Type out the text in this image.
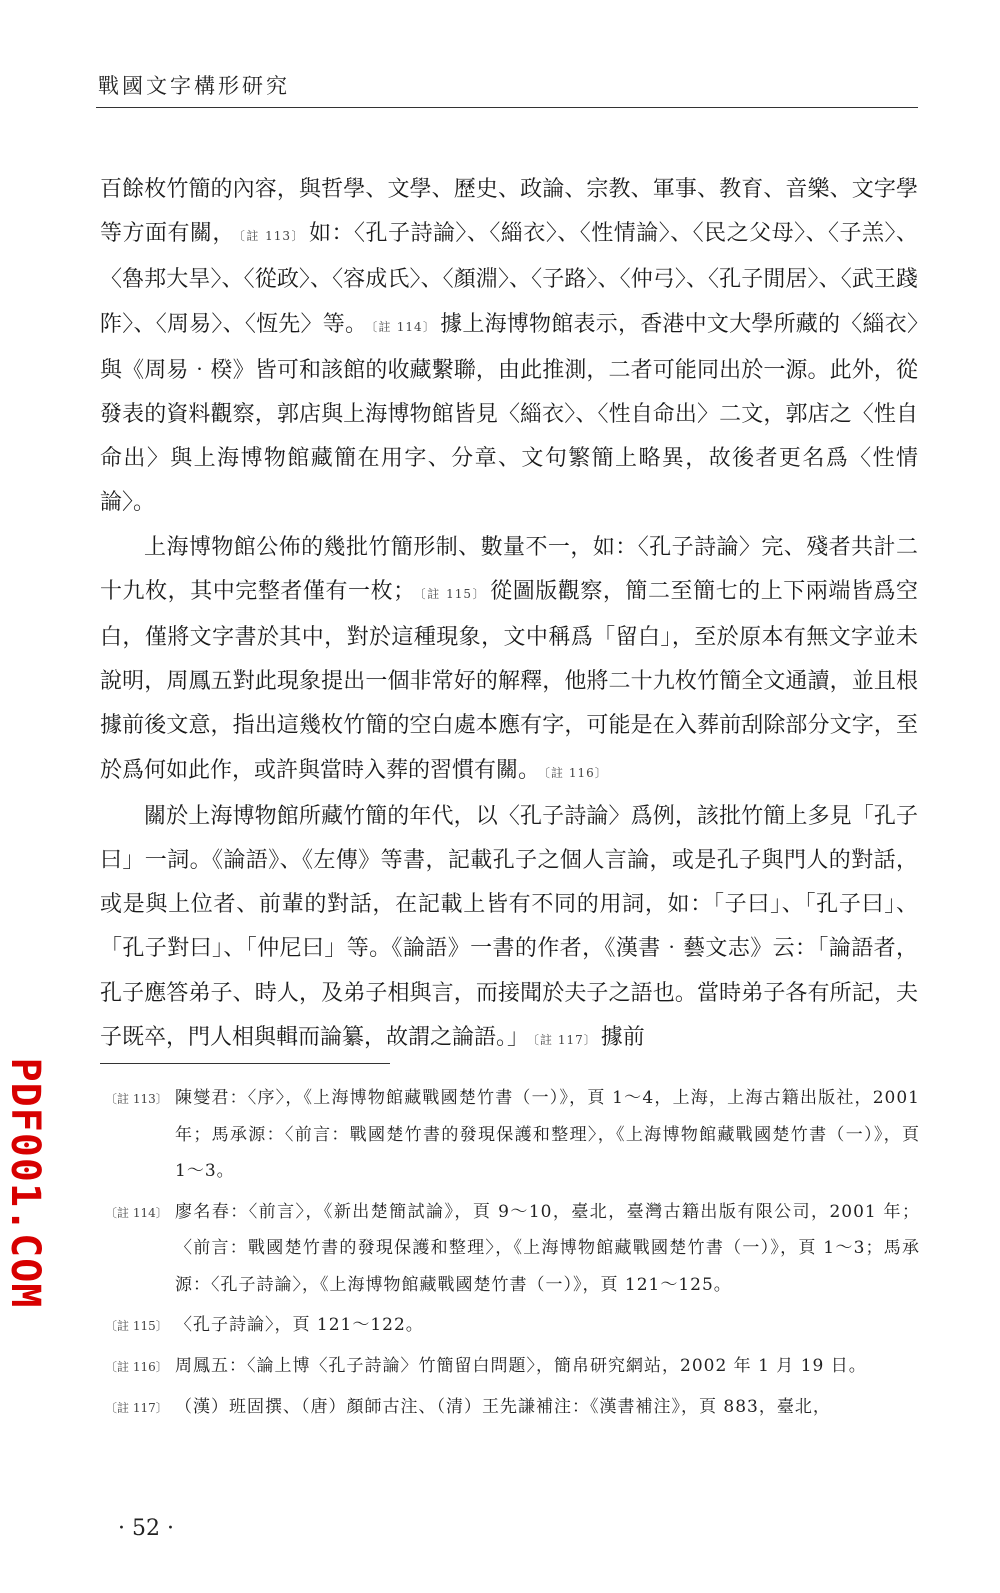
戰國文字構形研究

百餘枚竹簡的內容，與哲學、文學、歷史、政論、宗教、軍事、教育、音樂、文字學等方面有關， 〔註 113〕 如：〈孔子詩論〉、〈緇衣〉、〈性情論〉、〈民之父母〉、〈子羔〉、〈魯邦大旱〉、〈從政〉、〈容成氏〉、〈顏淵〉、〈子路〉、〈仲弓〉、〈孔子閒居〉、〈武王踐阼〉、〈周易〉、〈恆先〉等。 〔註 114〕 據上海博物館表示，香港中文大學所藏的〈緇衣〉與《周易‧楑》皆可和該館的收藏繫聯，由此推測，二者可能同出於一源。此外，從發表的資料觀察，郭店與上海博物館皆見〈緇衣〉、〈性自命出〉二文，郭店之〈性自命出〉與上海博物館藏簡在用字、分章、文句繁簡上略異，故後者更名爲〈性情論〉。

上海博物館公佈的幾批竹簡形制、數量不一，如：〈孔子詩論〉完、殘者共計二十九枚，其中完整者僅有一枚； 〔註 115〕 從圖版觀察，簡二至簡七的上下兩端皆爲空白，僅將文字書於其中，對於這種現象，文中稱爲「留白」，至於原本有無文字並未說明，周鳳五對此現象提出一個非常好的解釋，他將二十九枚竹簡全文通讀，並且根據前後文意，指出這幾枚竹簡的空白處本應有字，可能是在入葬前刮除部分文字，至於爲何如此作，或許與當時入葬的習慣有關。 〔註 116〕

關於上海博物館所藏竹簡的年代，以〈孔子詩論〉爲例，該批竹簡上多見「孔子曰」一詞。《論語》、《左傳》等書，記載孔子之個人言論，或是孔子與門人的對話，或是與上位者、前輩的對話，在記載上皆有不同的用詞，如：「子曰」、「孔子曰」、「孔子對曰」、「仲尼曰」等。《論語》一書的作者，《漢書‧藝文志》云：「論語者，孔子應答弟子、時人，及弟子相與言，而接聞於夫子之語也。當時弟子各有所記，夫子既卒，門人相與輯而論纂，故謂之論語。」 〔註 117〕 據前

〔註 113〕 陳燮君：〈序〉，《上海博物館藏戰國楚竹書（一）》，頁 1～4，上海，上海古籍出版社，2001 年；馬承源：〈前言：戰國楚竹書的發現保護和整理〉，《上海博物館藏戰國楚竹書（一）》，頁 1～3。
〔註 114〕 廖名春：〈前言〉，《新出楚簡試論》，頁 9～10，臺北，臺灣古籍出版有限公司，2001 年；〈前言：戰國楚竹書的發現保護和整理〉，《上海博物館藏戰國楚竹書（一）》，頁 1～3；馬承源：〈孔子詩論〉，《上海博物館藏戰國楚竹書（一）》，頁 121～125。
〔註 115〕 〈孔子詩論〉，頁 121～122。
〔註 116〕 周鳳五：〈論上博〈孔子詩論〉竹簡留白問題〉，簡帛研究網站，2002 年 1 月 19 日。
〔註 117〕 （漢）班固撰、（唐）顏師古注、（清）王先謙補注：《漢書補注》，頁 883，臺北，
PDF001.COM
· 52 ·
